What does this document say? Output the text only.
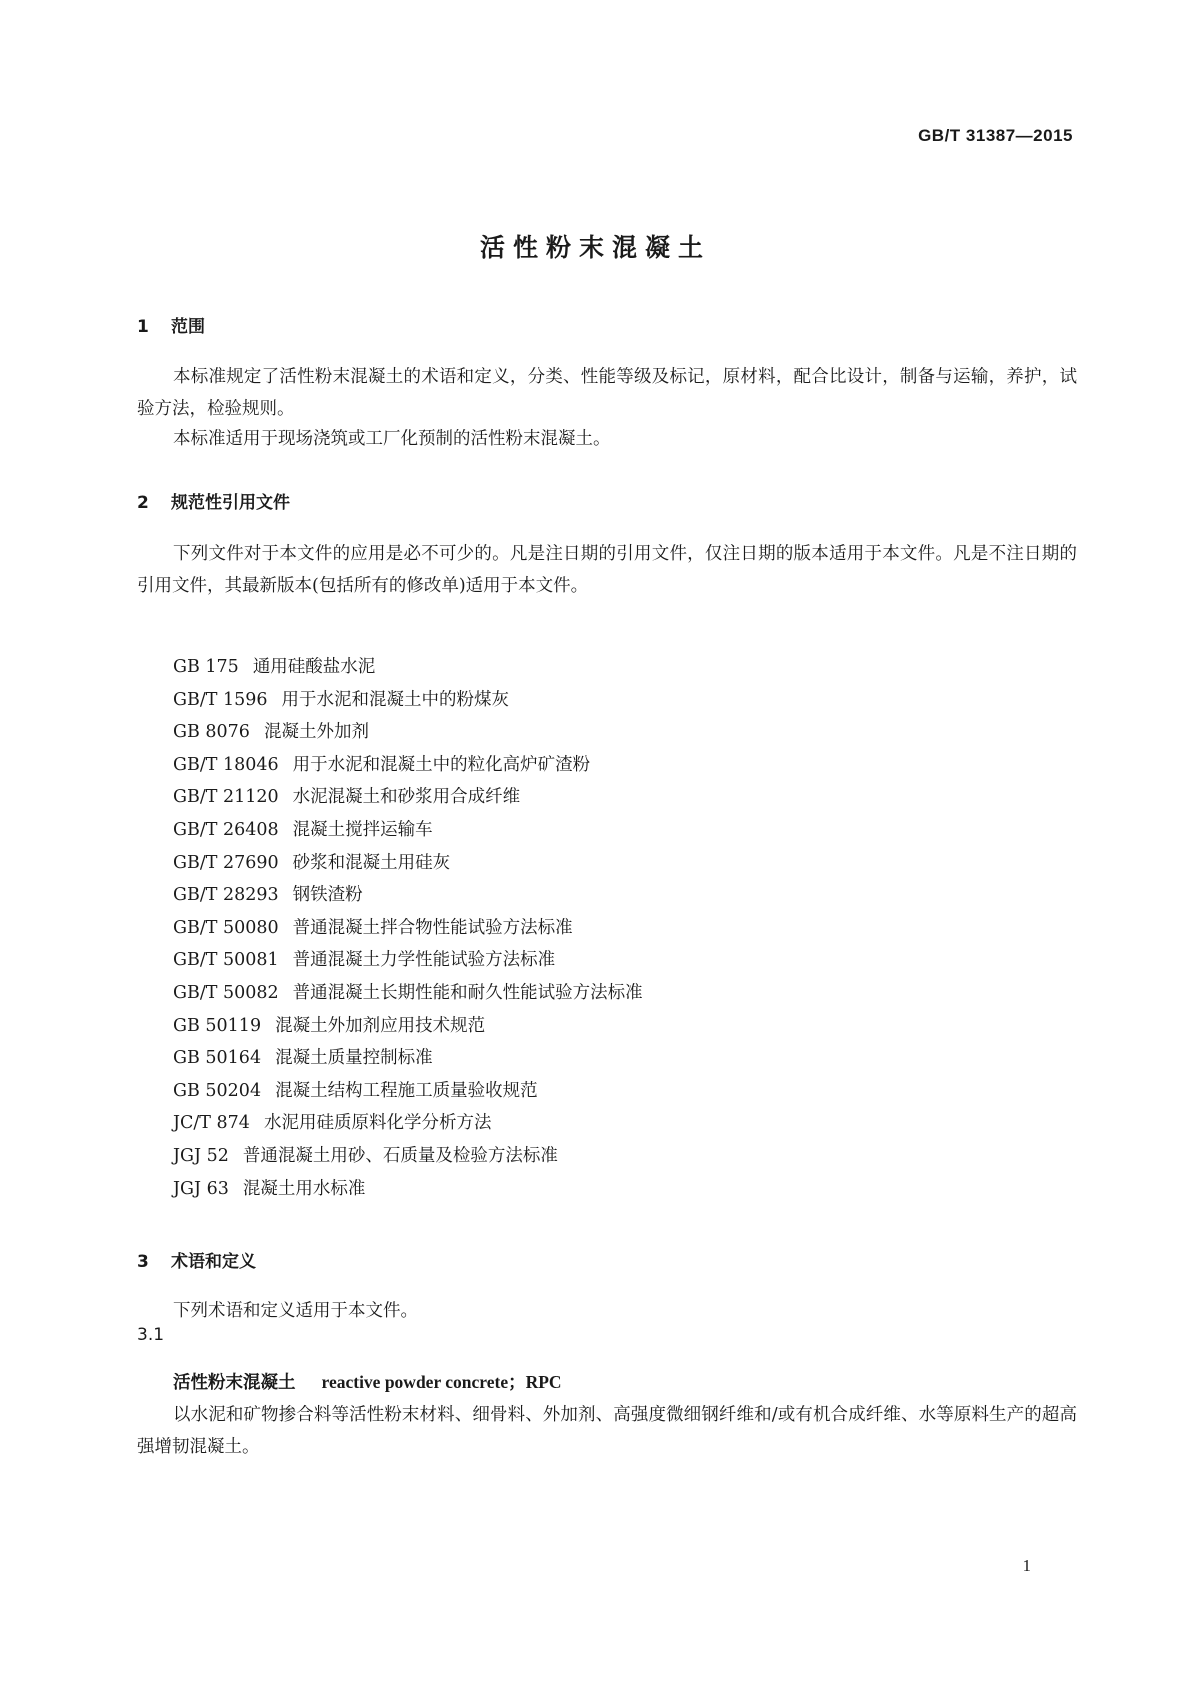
GB/T 31387—2015
活性粉末混凝土
1 范围
本标准规定了活性粉末混凝土的术语和定义，分类、性能等级及标记，原材料，配合比设计，制备与运输，养护，试验方法，检验规则。
本标准适用于现场浇筑或工厂化预制的活性粉末混凝土。
2 规范性引用文件
下列文件对于本文件的应用是必不可少的。凡是注日期的引用文件，仅注日期的版本适用于本文件。凡是不注日期的引用文件，其最新版本(包括所有的修改单)适用于本文件。
GB 175 通用硅酸盐水泥
GB/T 1596 用于水泥和混凝土中的粉煤灰
GB 8076 混凝土外加剂
GB/T 18046 用于水泥和混凝土中的粒化高炉矿渣粉
GB/T 21120 水泥混凝土和砂浆用合成纤维
GB/T 26408 混凝土搅拌运输车
GB/T 27690 砂浆和混凝土用硅灰
GB/T 28293 钢铁渣粉
GB/T 50080 普通混凝土拌合物性能试验方法标准
GB/T 50081 普通混凝土力学性能试验方法标准
GB/T 50082 普通混凝土长期性能和耐久性能试验方法标准
GB 50119 混凝土外加剂应用技术规范
GB 50164 混凝土质量控制标准
GB 50204 混凝土结构工程施工质量验收规范
JC/T 874 水泥用硅质原料化学分析方法
JGJ 52 普通混凝土用砂、石质量及检验方法标准
JGJ 63 混凝土用水标准
3 术语和定义
下列术语和定义适用于本文件。
3.1
活性粉末混凝土 reactive powder concrete；RPC
以水泥和矿物掺合料等活性粉末材料、细骨料、外加剂、高强度微细钢纤维和/或有机合成纤维、水等原料生产的超高强增韧混凝土。
1
